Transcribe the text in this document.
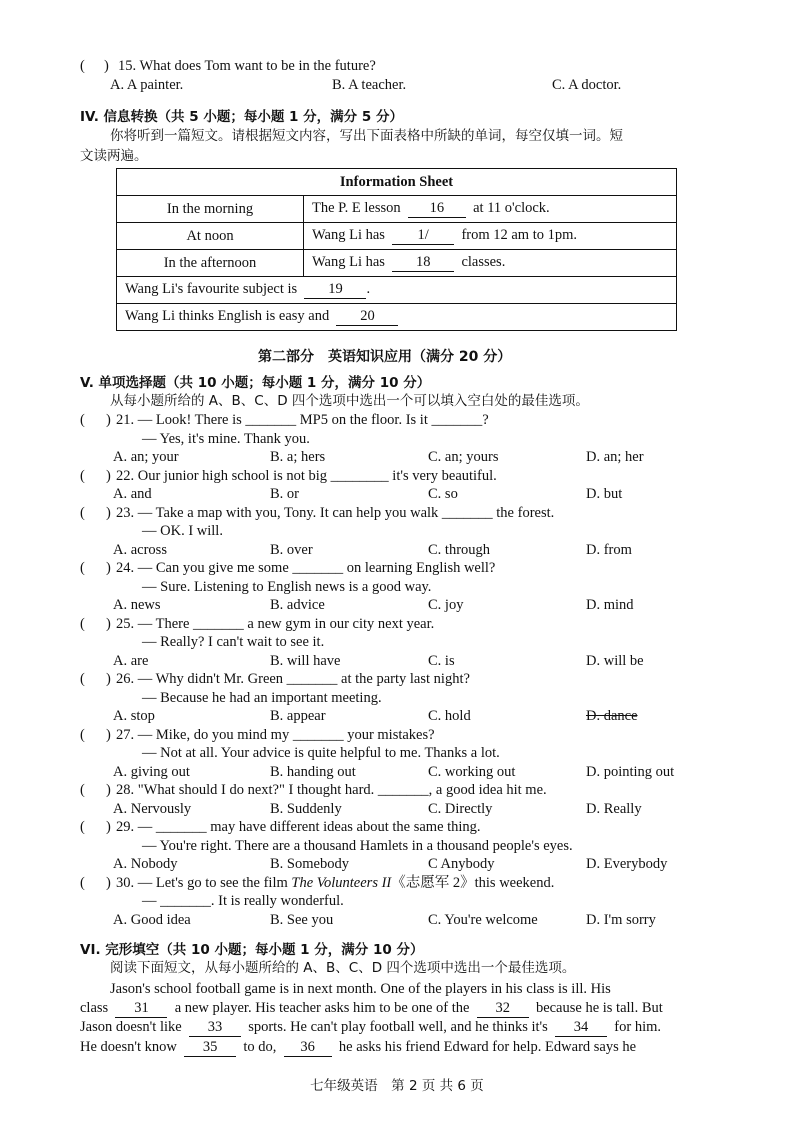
( ) 15. What does Tom want to be in the future?
A. A painter.	B. A teacher.	C. A doctor.
IV. 信息转换（共 5 小题；每小题 1 分，满分 5 分）
你将听到一篇短文。请根据短文内容，写出下面表格中所缺的单词，每空仅填一词。短
文读两遍。
Information Sheet	
In the morning	The P. E lesson 16 at 11 o'clock.
At noon	Wang Li has 1/ from 12 am to 1pm.
In the afternoon	Wang Li has 18 classes.
Wang Li's favourite subject is 19 .	
Wang Li thinks English is easy and 20	
第二部分　英语知识应用（满分 20 分）
V. 单项选择题（共 10 小题；每小题 1 分，满分 10 分）
从每小题所给的 A、B、C、D 四个选项中选出一个可以填入空白处的最佳选项。
( ) 21. — Look! There is _______ MP5 on the floor. Is it _______?
— Yes, it's mine. Thank you.
A. an; your	B. a; hers	C. an; yours	D. an; her
( ) 22. Our junior high school is not big ________ it's very beautiful.
A. and	B. or	C. so	D. but
( ) 23. — Take a map with you, Tony. It can help you walk _______ the forest.
— OK. I will.
A. across	B. over	C. through	D. from
( ) 24. — Can you give me some _______ on learning English well?
— Sure. Listening to English news is a good way.
A. news	B. advice	C. joy	D. mind
( ) 25. — There _______ a new gym in our city next year.
— Really? I can't wait to see it.
A. are	B. will have	C. is	D. will be
( ) 26. — Why didn't Mr. Green _______ at the party last night?
— Because he had an important meeting.
A. stop	B. appear	C. hold	D. dance
( ) 27. — Mike, do you mind my _______ your mistakes?
— Not at all. Your advice is quite helpful to me. Thanks a lot.
A. giving out	B. handing out	C. working out	D. pointing out
( ) 28. "What should I do next?" I thought hard. _______, a good idea hit me.
A. Nervously	B. Suddenly	C. Directly	D. Really
( ) 29. — _______ may have different ideas about the same thing.
— You're right. There are a thousand Hamlets in a thousand people's eyes.
A. Nobody	B. Somebody	C Anybody	D. Everybody
( ) 30. — Let's go to see the film The Volunteers II《志愿军 2》this weekend.
— _______. It is really wonderful.
A. Good idea	B. See you	C. You're welcome	D. I'm sorry
VI. 完形填空（共 10 小题；每小题 1 分，满分 10 分）
阅读下面短文，从每小题所给的 A、B、C、D 四个选项中选出一个最佳选项。
Jason's school football game is in next month. One of the players in his class is ill. His
class 31 a new player. His teacher asks him to be one of the 32 because he is tall. But
Jason doesn't like 33 sports. He can't play football well, and he thinks it's 34 for him.
He doesn't know 35 to do, 36 he asks his friend Edward for help. Edward says he
七年级英语　第 2 页 共 6 页
